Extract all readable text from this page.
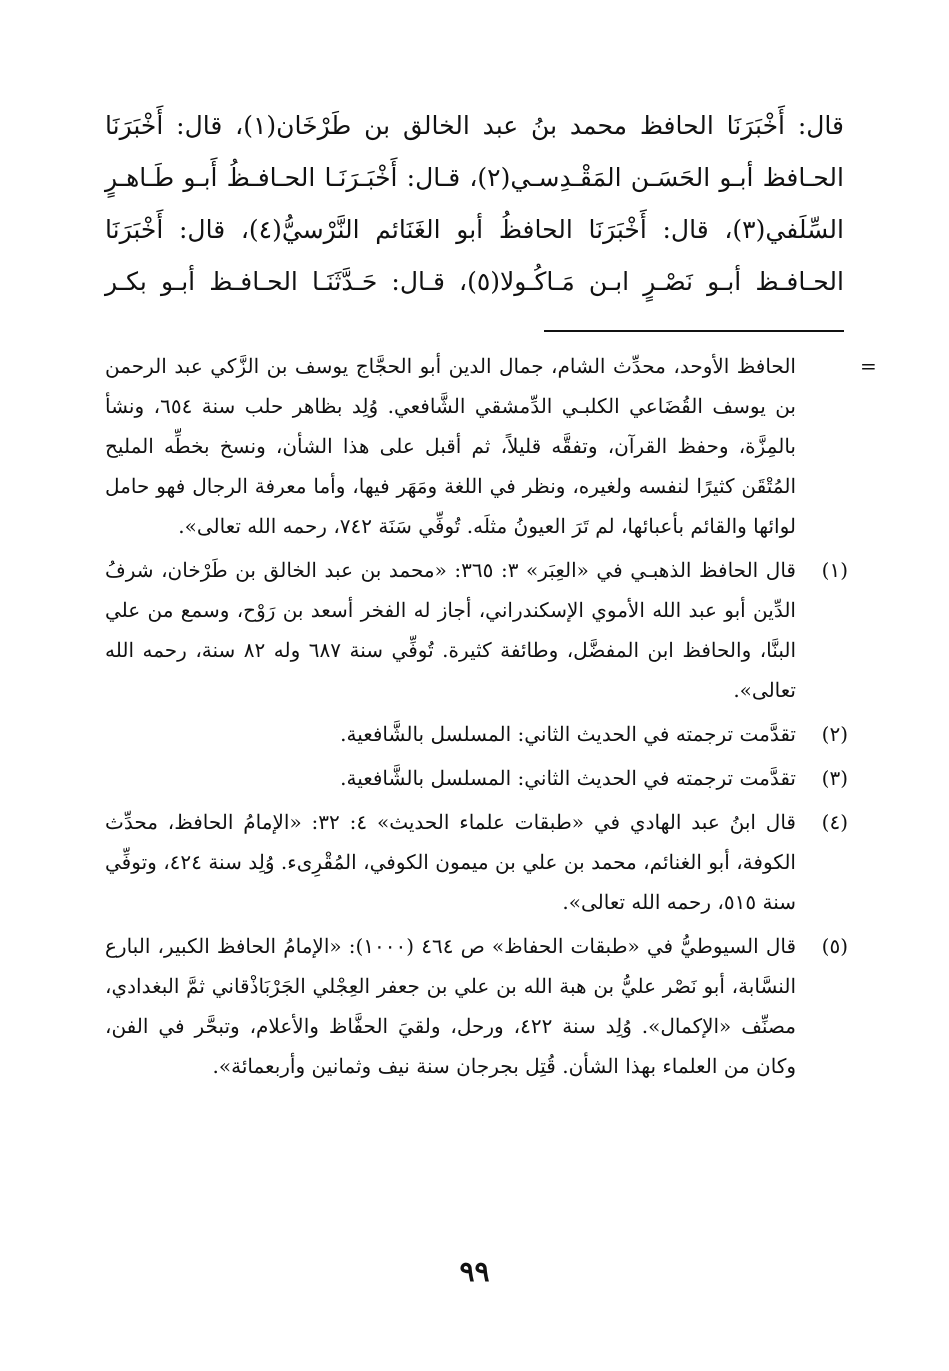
قال: أَخْبَرَنَا الحافظ محمد بنُ عبد الخالق بن طَرْخَان(١)، قال: أَخْبَرَنَا
الحـافظ أبـو الحَسَـن المَقْـدِسـي(٢)، قـال: أَخْبَـرَنَـا الحـافـظُ أَبـو طَـاهـرٍ
السِّلَفي(٣)، قال: أَخْبَرَنَا الحافظُ أبو الغَنَائم النَّرْسيُّ(٤)، قال: أَخْبَرَنَا
الحـافـظ أبـو نَصْـرٍ ابـن مَـاكُـولا(٥)، قـال: حَـدَّثَنَـا الحـافـظ أبـو بكـر
=
الحافظ الأوحد، محدِّث الشام، جمال الدين أبو الحجَّاج يوسف بن الزَّكي عبد الرحمن بن يوسف القُضَاعي الكلبـي الدِّمشقي الشَّافعي. وُلِد بظاهر حلب سنة ٦٥٤، ونشأ بالمِزَّة، وحفظ القرآن، وتفقَّه قليلاً، ثم أقبل على هذا الشأن، ونسخ بخطِّه المليح المُتْقَن كثيرًا لنفسه ولغيره، ونظر في اللغة ومَهَر فيها، وأما معرفة الرجال فهو حامل لوائها والقائم بأعبائها، لم تَرَ العيونُ مثلَه. تُوفِّي سَنَة ٧٤٢، رحمه الله تعالى».
(١)
قال الحافظ الذهبـي في «العِبَر» ٣: ٣٦٥: «محمد بن عبد الخالق بن طَرْخان، شرفُ الدِّين أبو عبد الله الأموي الإسكندراني، أجاز له الفخر أسعد بن رَوْح، وسمع من علي البنَّا، والحافظ ابن المفضَّل، وطائفة كثيرة. تُوفِّي سنة ٦٨٧ وله ٨٢ سنة، رحمه الله تعالى».
(٢)
تقدَّمت ترجمته في الحديث الثاني: المسلسل بالشَّافعية.
(٣)
تقدَّمت ترجمته في الحديث الثاني: المسلسل بالشَّافعية.
(٤)
قال ابنُ عبد الهادي في «طبقات علماء الحديث» ٤: ٣٢: «الإمامُ الحافظ، محدِّث الكوفة، أبو الغنائم، محمد بن علي بن ميمون الكوفي، المُقْرِىء. وُلِد سنة ٤٢٤، وتوفِّي سنة ٥١٥، رحمه الله تعالى».
(٥)
قال السيوطيُّ في «طبقات الحفاظ» ص ٤٦٤ (١٠٠٠): «الإمامُ الحافظ الكبير، البارع النسَّابة، أبو نَصْر عليُّ بن هبة الله بن علي بن جعفر العِجْلي الجَرْبَاذْقاني ثمَّ البغدادي، مصنِّف «الإكمال». وُلِد سنة ٤٢٢، ورحل، ولقيَ الحفَّاظ والأعلام، وتبحَّر في الفن، وكان من العلماء بهذا الشأن. قُتِل بجرجان سنة نيف وثمانين وأربعمائة».
٩٩
